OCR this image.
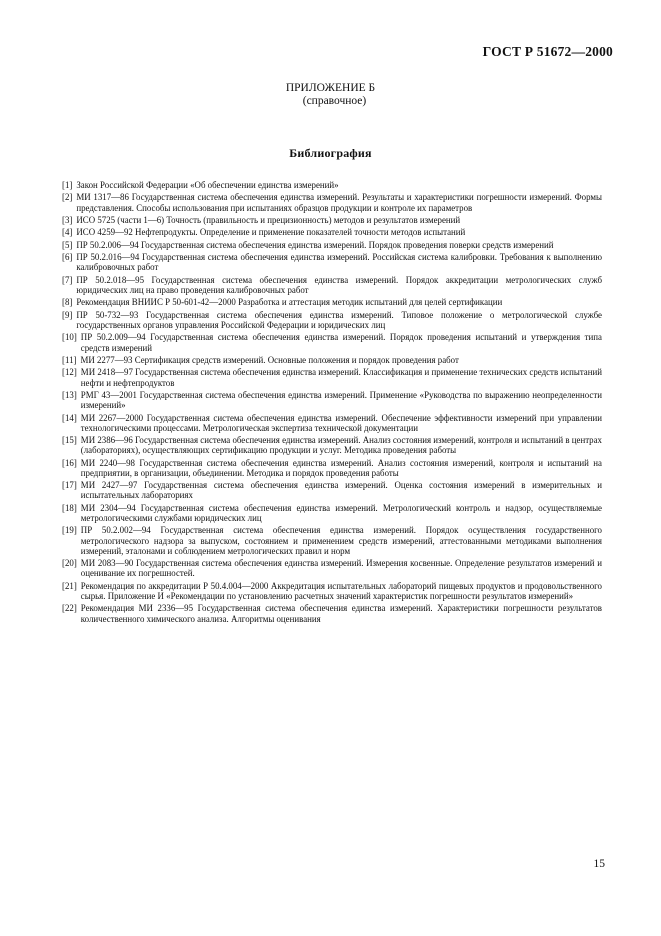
ГОСТ Р 51672—2000
ПРИЛОЖЕНИЕ Б
(справочное)
Библиография
[1] Закон Российской Федерации «Об обеспечении единства измерений»
[2] МИ 1317—86 Государственная система обеспечения единства измерений. Результаты и характеристики погрешности измерений. Формы представления. Способы использования при испытаниях образцов продукции и контроле их параметров
[3] ИСО 5725 (части 1—6) Точность (правильность и прецизионность) методов и результатов измерений
[4] ИСО 4259—92 Нефтепродукты. Определение и применение показателей точности методов испытаний
[5] ПР 50.2.006—94 Государственная система обеспечения единства измерений. Порядок проведения поверки средств измерений
[6] ПР 50.2.016—94 Государственная система обеспечения единства измерений. Российская система калибровки. Требования к выполнению калибровочных работ
[7] ПР 50.2.018—95 Государственная система обеспечения единства измерений. Порядок аккредитации метрологических служб юридических лиц на право проведения калибровочных работ
[8] Рекомендация ВНИИС Р 50-601-42—2000 Разработка и аттестация методик испытаний для целей сертификации
[9] ПР 50-732—93 Государственная система обеспечения единства измерений. Типовое положение о метрологической службе государственных органов управления Российской Федерации и юридических лиц
[10] ПР 50.2.009—94 Государственная система обеспечения единства измерений. Порядок проведения испытаний и утверждения типа средств измерений
[11] МИ 2277—93 Сертификация средств измерений. Основные положения и порядок проведения работ
[12] МИ 2418—97 Государственная система обеспечения единства измерений. Классификация и применение технических средств испытаний нефти и нефтепродуктов
[13] РМГ 43—2001 Государственная система обеспечения единства измерений. Применение «Руководства по выражению неопределенности измерений»
[14] МИ 2267—2000 Государственная система обеспечения единства измерений. Обеспечение эффективности измерений при управлении технологическими процессами. Метрологическая экспертиза технической документации
[15] МИ 2386—96 Государственная система обеспечения единства измерений. Анализ состояния измерений, контроля и испытаний в центрах (лабораториях), осуществляющих сертификацию продукции и услуг. Методика проведения работы
[16] МИ 2240—98 Государственная система обеспечения единства измерений. Анализ состояния измерений, контроля и испытаний на предприятии, в организации, объединении. Методика и порядок проведения работы
[17] МИ 2427—97 Государственная система обеспечения единства измерений. Оценка состояния измерений в измерительных и испытательных лабораториях
[18] МИ 2304—94 Государственная система обеспечения единства измерений. Метрологический контроль и надзор, осуществляемые метрологическими службами юридических лиц
[19] ПР 50.2.002—94 Государственная система обеспечения единства измерений. Порядок осуществления государственного метрологического надзора за выпуском, состоянием и применением средств измерений, аттестованными методиками выполнения измерений, эталонами и соблюдением метрологических правил и норм
[20] МИ 2083—90 Государственная система обеспечения единства измерений. Измерения косвенные. Определение результатов измерений и оценивание их погрешностей.
[21] Рекомендация по аккредитации Р 50.4.004—2000 Аккредитация испытательных лабораторий пищевых продуктов и продовольственного сырья. Приложение И «Рекомендации по установлению расчетных значений характеристик погрешности результатов измерений»
[22] Рекомендация МИ 2336—95 Государственная система обеспечения единства измерений. Характеристики погрешности результатов количественного химического анализа. Алгоритмы оценивания
15
